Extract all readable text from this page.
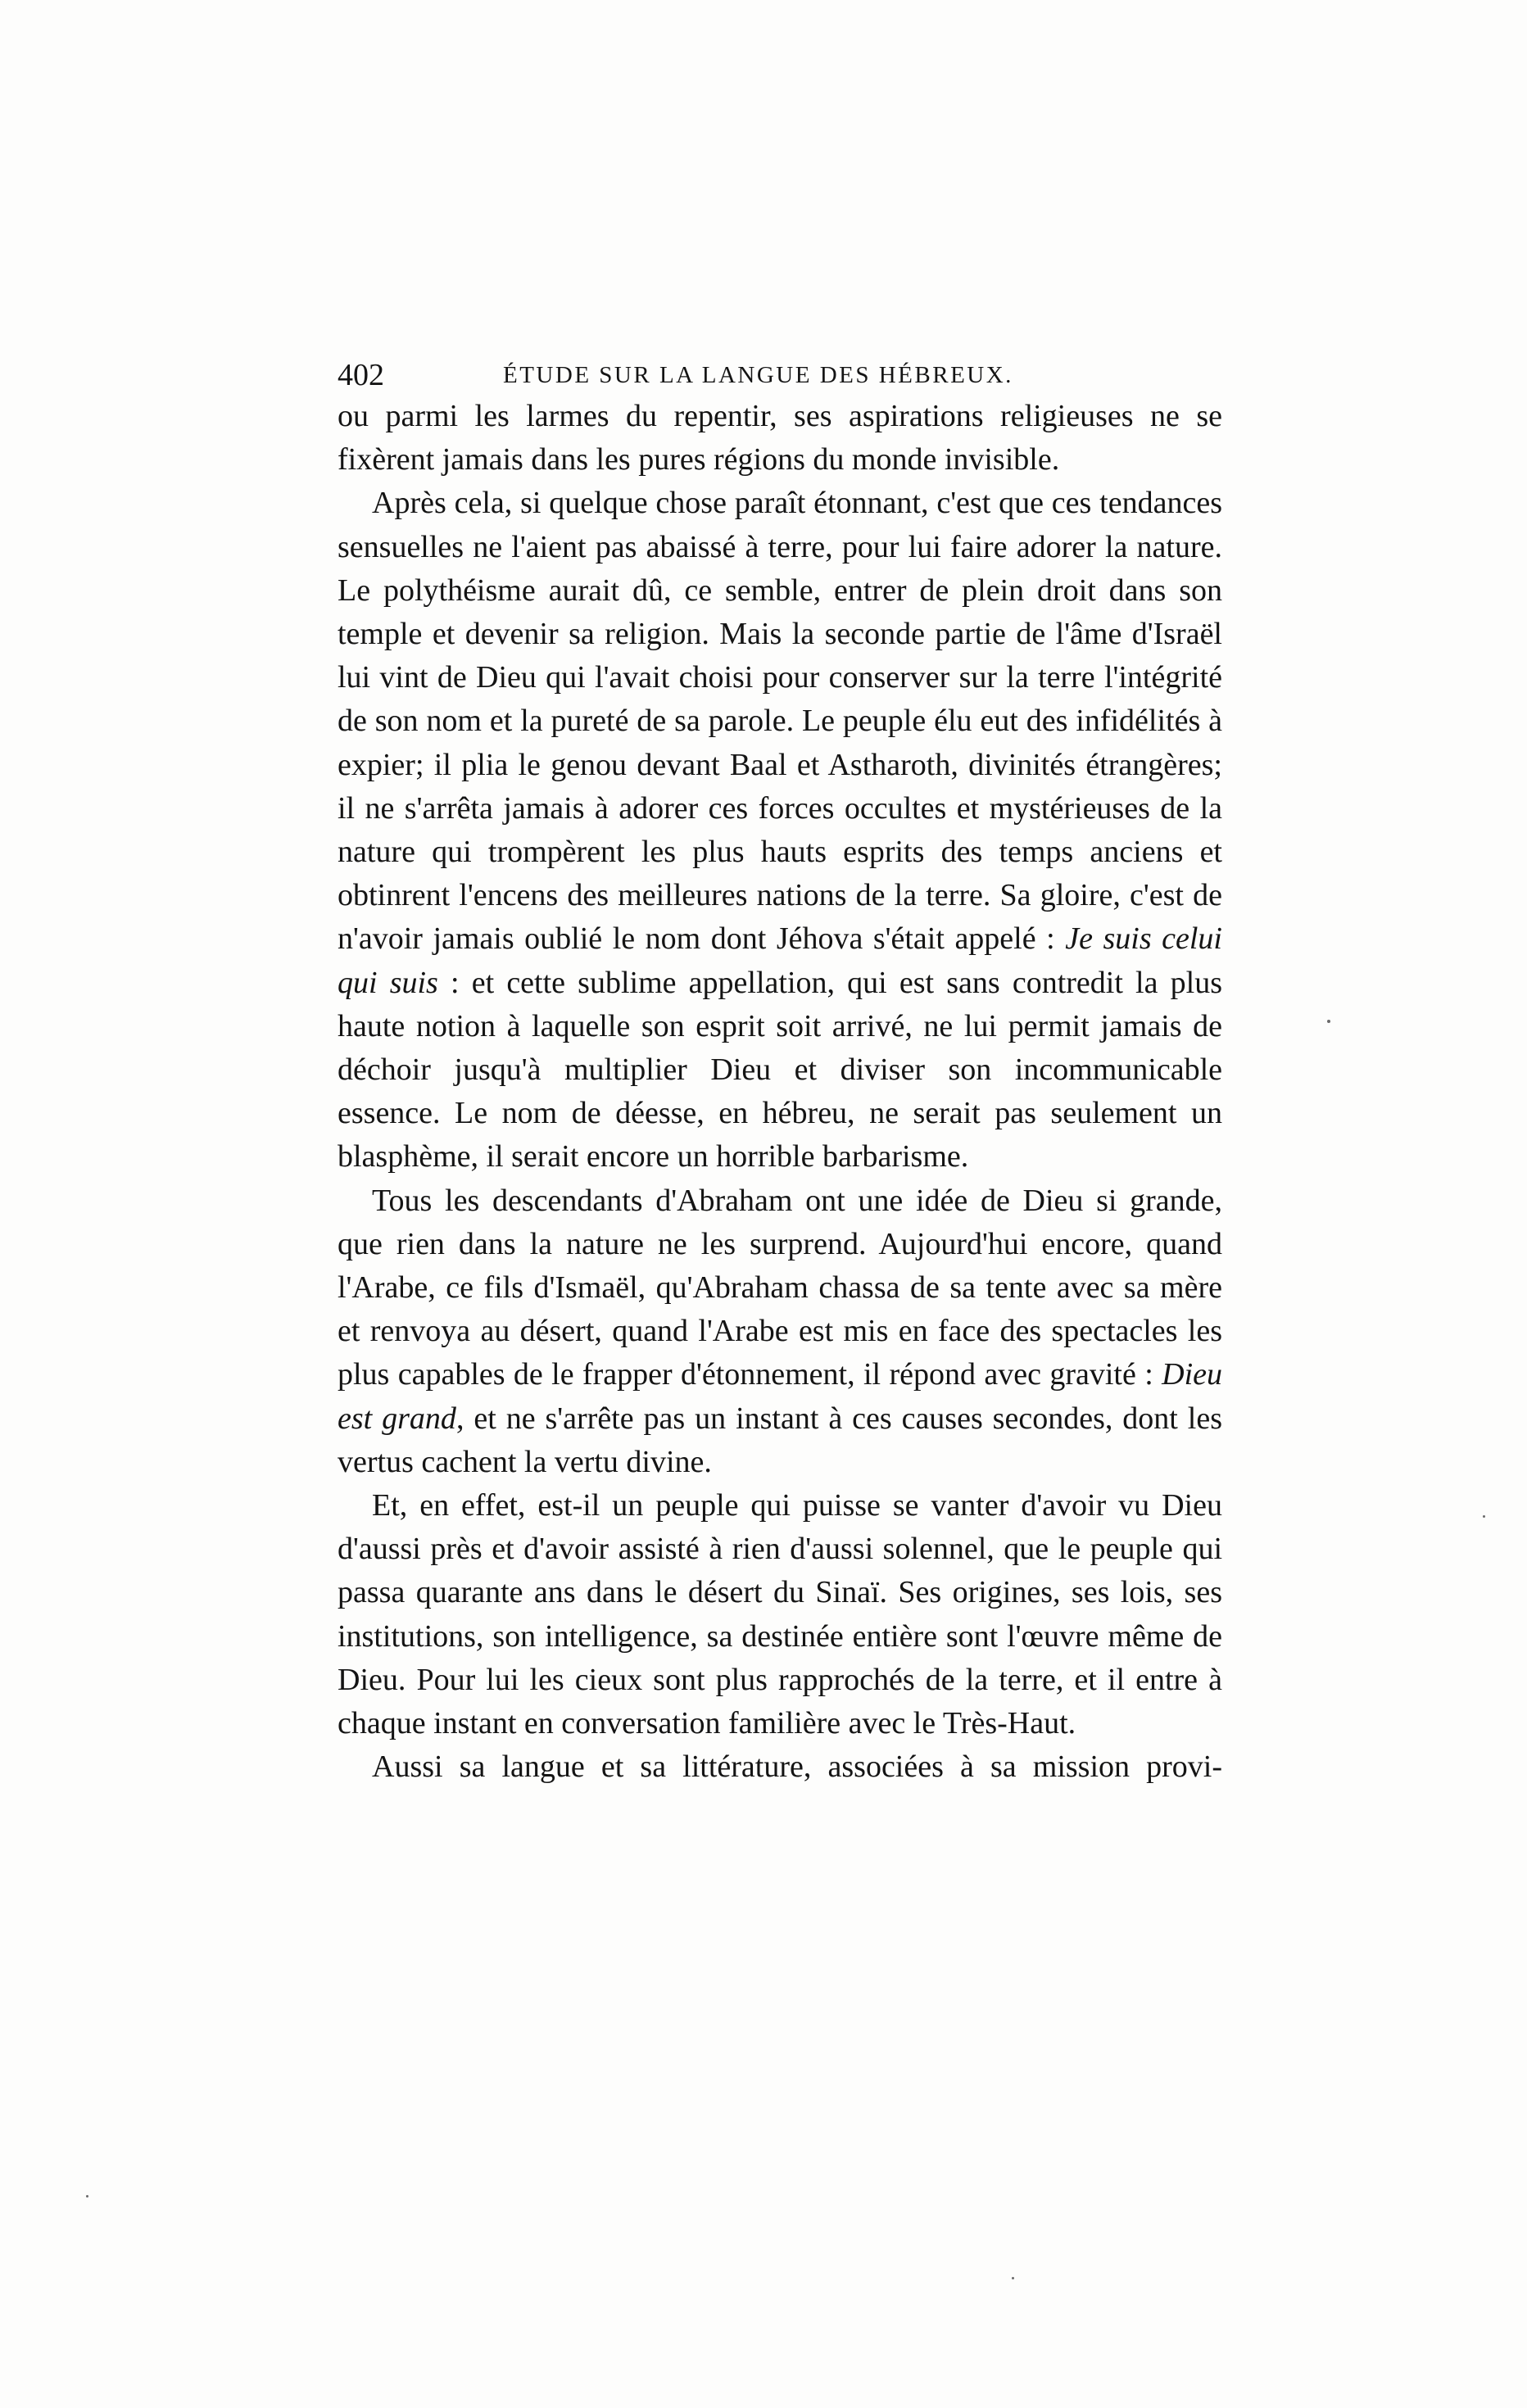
402	ÉTUDE SUR LA LANGUE DES HÉBREUX.

ou parmi les larmes du repentir, ses aspirations religieuses ne se fixèrent jamais dans les pures régions du monde invisible.

Après cela, si quelque chose paraît étonnant, c'est que ces tendances sensuelles ne l'aient pas abaissé à terre, pour lui faire adorer la nature. Le polythéisme aurait dû, ce semble, entrer de plein droit dans son temple et devenir sa religion. Mais la seconde partie de l'âme d'Israël lui vint de Dieu qui l'avait choisi pour conserver sur la terre l'intégrité de son nom et la pureté de sa parole. Le peuple élu eut des infidélités à expier; il plia le genou devant Baal et Astharoth, divinités étrangères; il ne s'arrêta jamais à adorer ces forces occultes et mystérieuses de la nature qui trompèrent les plus hauts esprits des temps anciens et obtinrent l'encens des meilleures nations de la terre. Sa gloire, c'est de n'avoir jamais oublié le nom dont Jéhova s'était appelé : Je suis celui qui suis : et cette sublime appellation, qui est sans contredit la plus haute notion à laquelle son esprit soit arrivé, ne lui permit jamais de déchoir jusqu'à multiplier Dieu et diviser son incommunicable essence. Le nom de déesse, en hébreu, ne serait pas seulement un blasphème, il serait encore un horrible barbarisme.

Tous les descendants d'Abraham ont une idée de Dieu si grande, que rien dans la nature ne les surprend. Aujourd'hui encore, quand l'Arabe, ce fils d'Ismaël, qu'Abraham chassa de sa tente avec sa mère et renvoya au désert, quand l'Arabe est mis en face des spectacles les plus capables de le frapper d'étonnement, il répond avec gravité : Dieu est grand, et ne s'arrête pas un instant à ces causes secondes, dont les vertus cachent la vertu divine.

Et, en effet, est-il un peuple qui puisse se vanter d'avoir vu Dieu d'aussi près et d'avoir assisté à rien d'aussi solennel, que le peuple qui passa quarante ans dans le désert du Sinaï. Ses origines, ses lois, ses institutions, son intelligence, sa destinée entière sont l'œuvre même de Dieu. Pour lui les cieux sont plus rapprochés de la terre, et il entre à chaque instant en conversation familière avec le Très-Haut.

Aussi sa langue et sa littérature, associées à sa mission provi-
